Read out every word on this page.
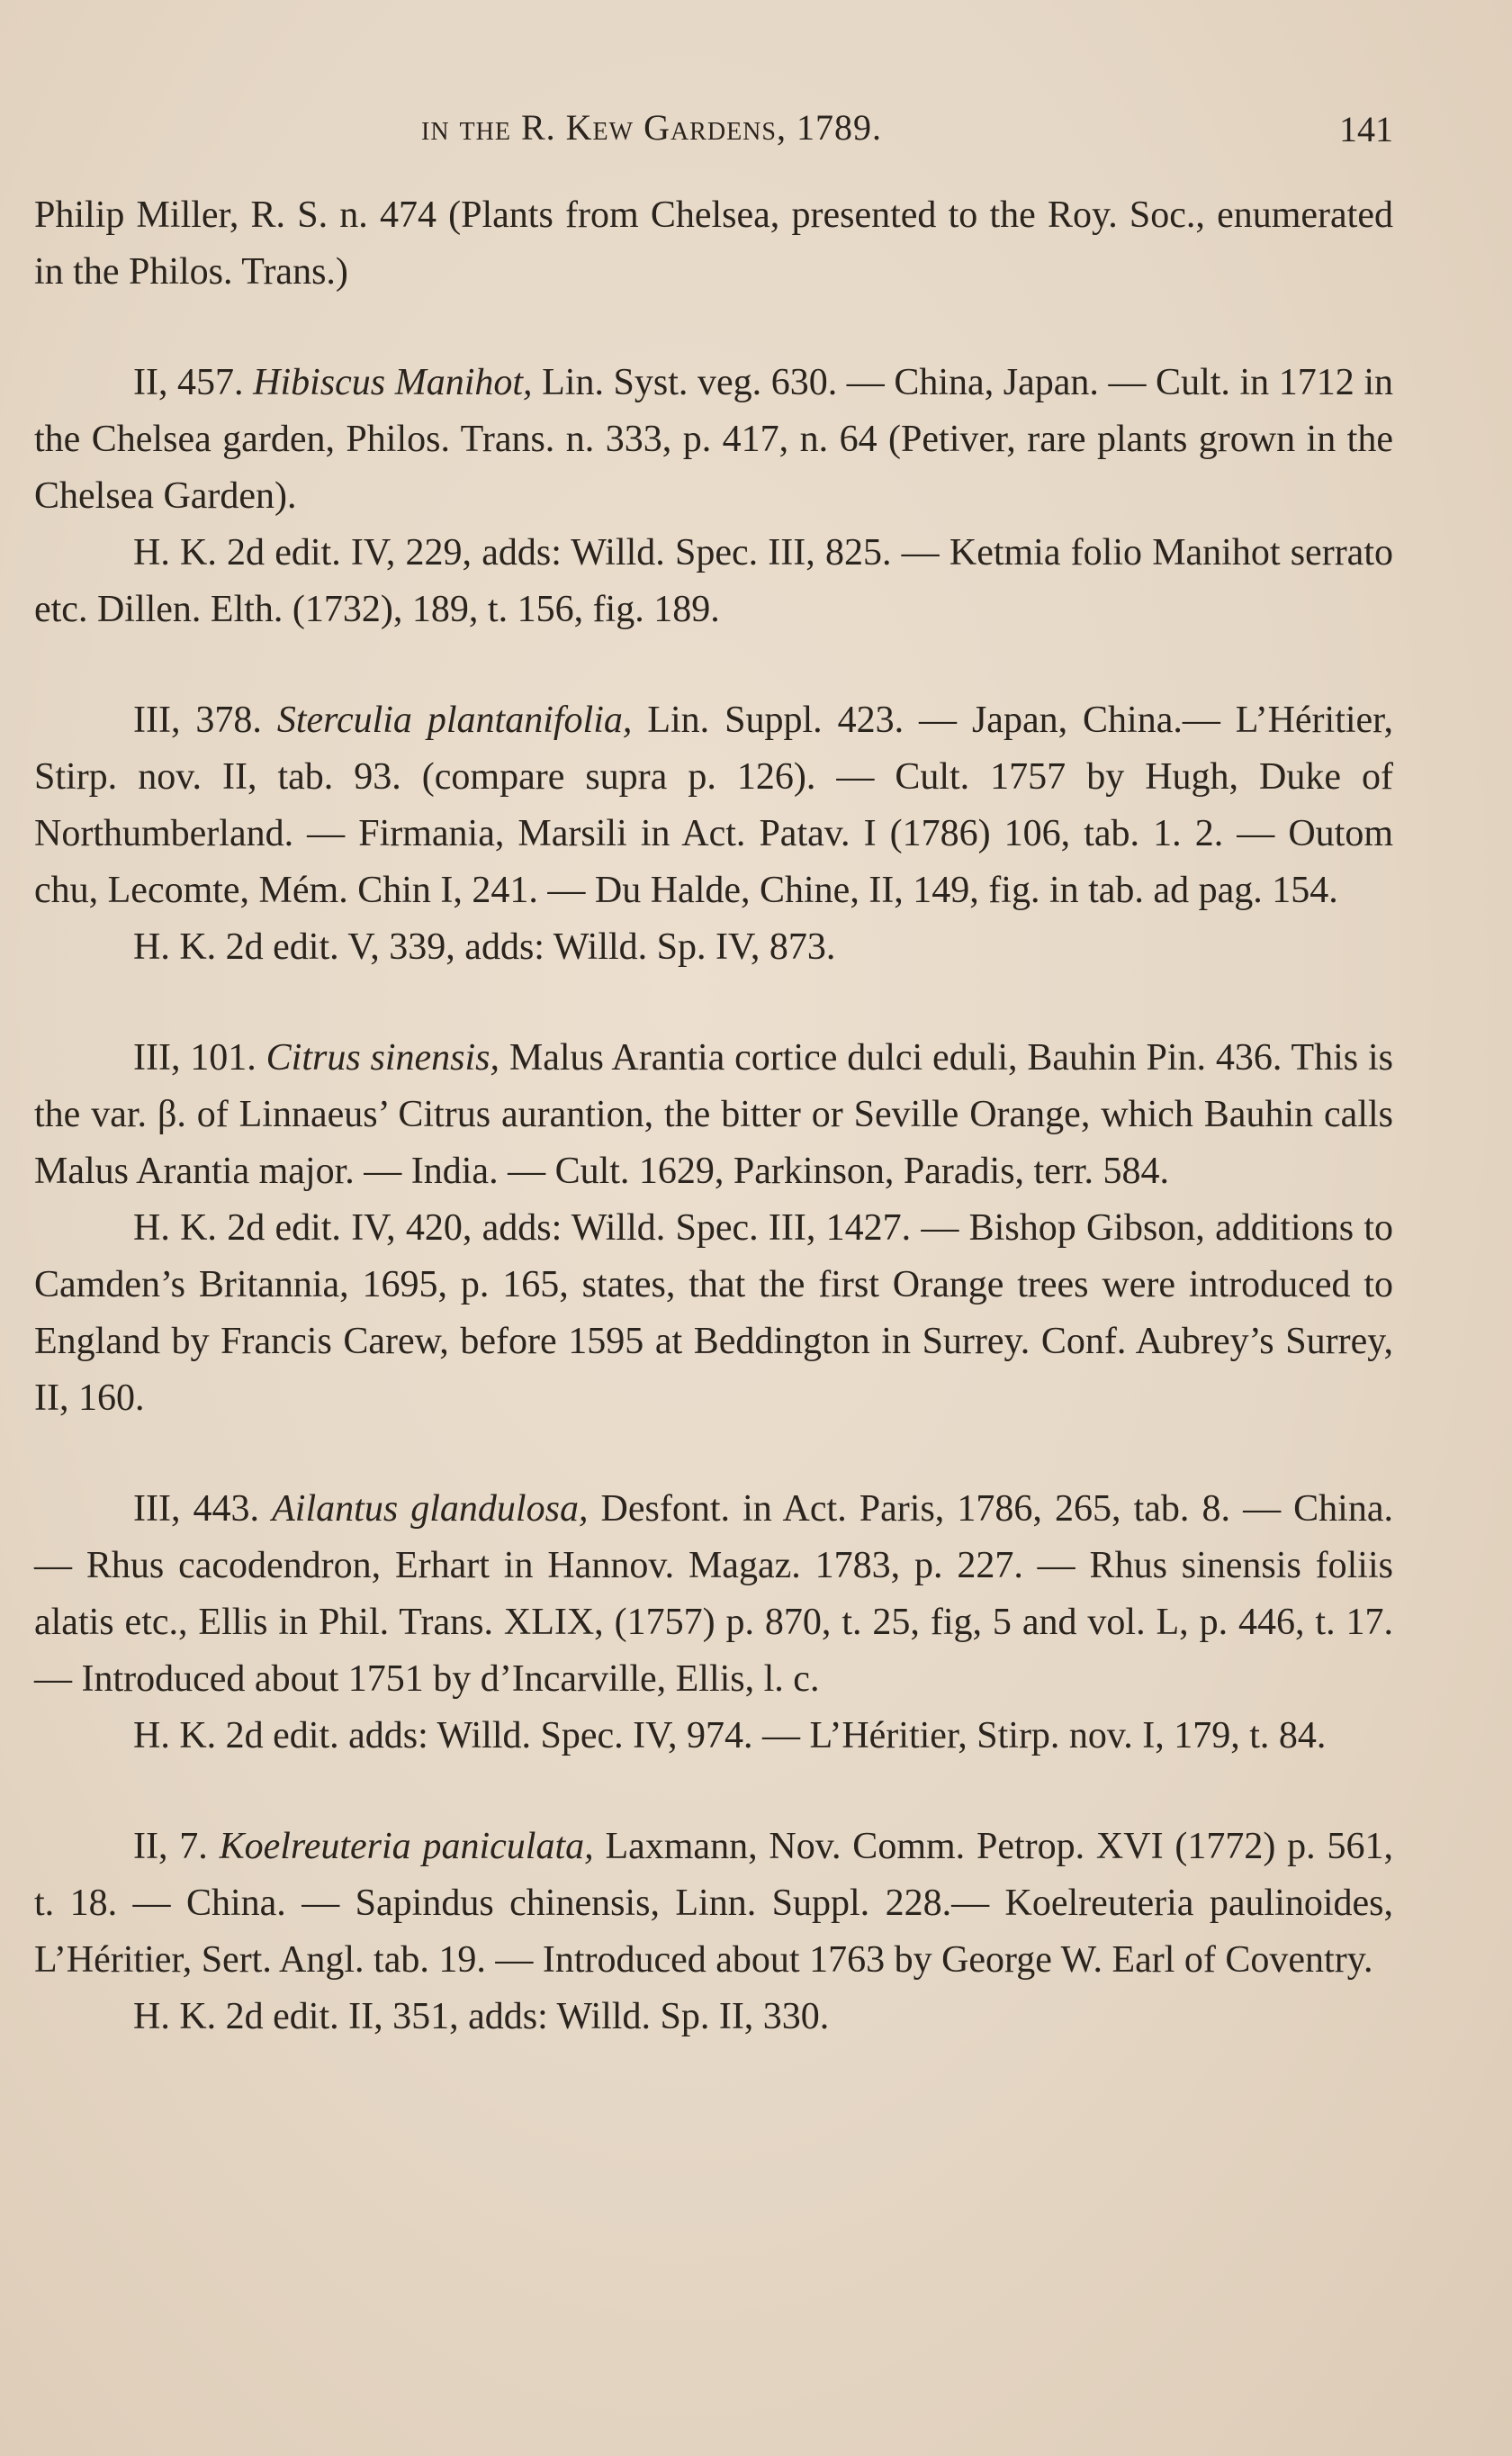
in the R. Kew Gardens, 1789.	141

Philip Miller, R. S. n. 474 (Plants from Chelsea, presented to the Roy. Soc., enumerated in the Philos. Trans.)

II, 457. Hibiscus Manihot, Lin. Syst. veg. 630. — China, Japan. — Cult. in 1712 in the Chelsea garden, Philos. Trans. n. 333, p. 417, n. 64 (Petiver, rare plants grown in the Chelsea Garden).

H. K. 2d edit. IV, 229, adds: Willd. Spec. III, 825. — Ketmia folio Manihot serrato etc. Dillen. Elth. (1732), 189, t. 156, fig. 189.

III, 378. Sterculia plantanifolia, Lin. Suppl. 423. — Japan, China.— L’Héritier, Stirp. nov. II, tab. 93. (compare supra p. 126). — Cult. 1757 by Hugh, Duke of Northumberland. — Firmania, Marsili in Act. Patav. I (1786) 106, tab. 1. 2. — Outom chu, Lecomte, Mém. Chin I, 241. — Du Halde, Chine, II, 149, fig. in tab. ad pag. 154.

H. K. 2d edit. V, 339, adds: Willd. Sp. IV, 873.

III, 101. Citrus sinensis, Malus Arantia cortice dulci eduli, Bauhin Pin. 436. This is the var. β. of Linnaeus’ Citrus aurantion, the bitter or Seville Orange, which Bauhin calls Malus Arantia major. — India. — Cult. 1629, Parkinson, Paradis, terr. 584.

H. K. 2d edit. IV, 420, adds: Willd. Spec. III, 1427. — Bishop Gibson, additions to Camden’s Britannia, 1695, p. 165, states, that the first Orange trees were introduced to England by Francis Carew, before 1595 at Beddington in Surrey. Conf. Aubrey’s Surrey, II, 160.

III, 443. Ailantus glandulosa, Desfont. in Act. Paris, 1786, 265, tab. 8. — China. — Rhus cacodendron, Erhart in Hannov. Magaz. 1783, p. 227. — Rhus sinensis foliis alatis etc., Ellis in Phil. Trans. XLIX, (1757) p. 870, t. 25, fig, 5 and vol. L, p. 446, t. 17. — Introduced about 1751 by d’Incarville, Ellis, l. c.

H. K. 2d edit. adds: Willd. Spec. IV, 974. — L’Héritier, Stirp. nov. I, 179, t. 84.

II, 7. Koelreuteria paniculata, Laxmann, Nov. Comm. Petrop. XVI (1772) p. 561, t. 18. — China. — Sapindus chinensis, Linn. Suppl. 228.— Koelreuteria paulinoides, L’Héritier, Sert. Angl. tab. 19. — Introduced about 1763 by George W. Earl of Coventry.

H. K. 2d edit. II, 351, adds: Willd. Sp. II, 330.
